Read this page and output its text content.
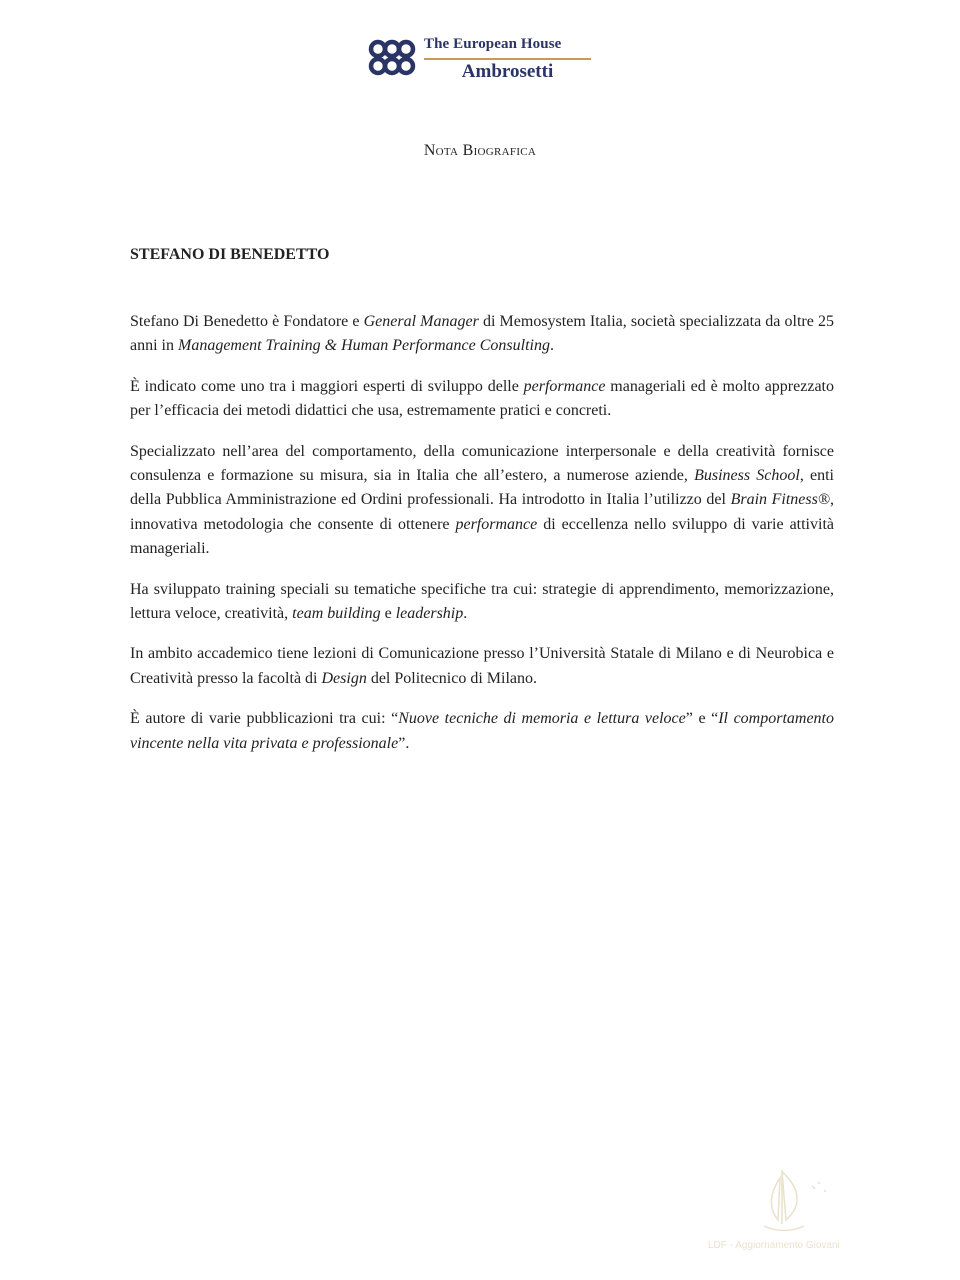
The European House
Ambrosetti
Nota Biografica
STEFANO DI BENEDETTO

Stefano Di Benedetto è Fondatore e General Manager di Memosystem Italia, società specializzata da oltre 25 anni in Management Training & Human Performance Consulting.

È indicato come uno tra i maggiori esperti di sviluppo delle performance manageriali ed è molto apprezzato per l’efficacia dei metodi didattici che usa, estremamente pratici e concreti.

Specializzato nell’area del comportamento, della comunicazione interpersonale e della creatività fornisce consulenza e formazione su misura, sia in Italia che all’estero, a numerose aziende, Business School, enti della Pubblica Amministrazione ed Ordini professionali. Ha introdotto in Italia l’utilizzo del Brain Fitness®, innovativa metodologia che consente di ottenere performance di eccellenza nello sviluppo di varie attività manageriali.

Ha sviluppato training speciali su tematiche specifiche tra cui: strategie di apprendimento, memorizzazione, lettura veloce, creatività, team building e leadership.

In ambito accademico tiene lezioni di Comunicazione presso l’Università Statale di Milano e di Neurobica e Creatività presso la facoltà di Design del Politecnico di Milano.

È autore di varie pubblicazioni tra cui: “Nuove tecniche di memoria e lettura veloce” e “Il comportamento vincente nella vita privata e professionale”.

LDF - Aggiornamento Giovani
